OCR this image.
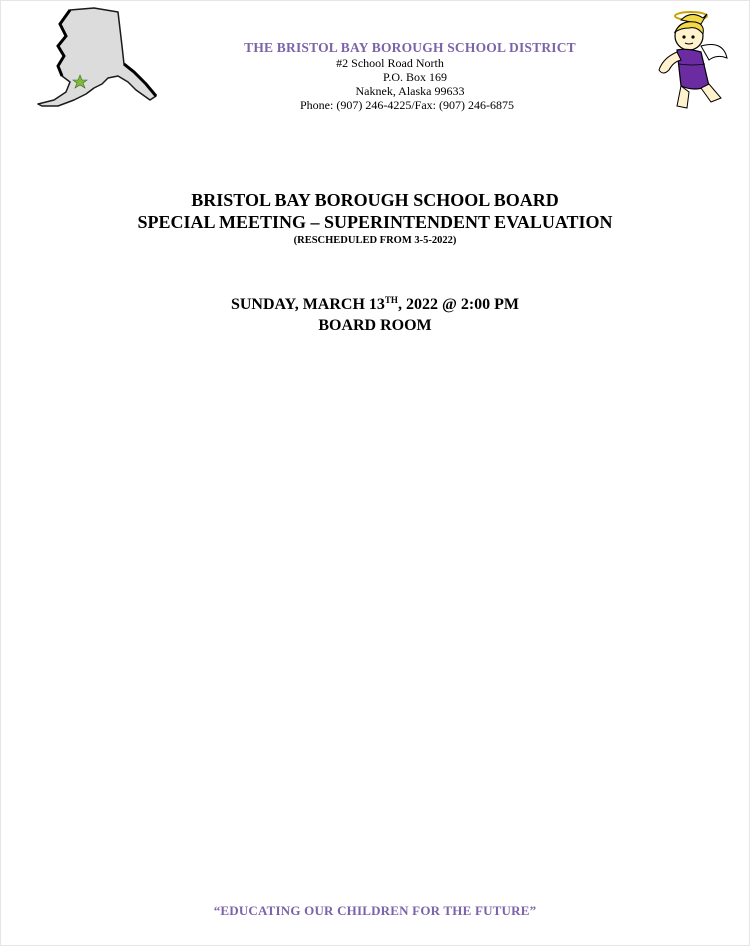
THE BRISTOL BAY BOROUGH SCHOOL DISTRICT
#2 School Road North
P.O. Box 169
Naknek, Alaska 99633
Phone: (907) 246-4225/Fax: (907) 246-6875
BRISTOL BAY BOROUGH SCHOOL BOARD
SPECIAL MEETING – SUPERINTENDENT EVALUATION
(RESCHEDULED FROM 3-5-2022)
SUNDAY, MARCH 13TH, 2022 @ 2:00 PM
BOARD ROOM
“EDUCATING OUR CHILDREN FOR THE FUTURE”
